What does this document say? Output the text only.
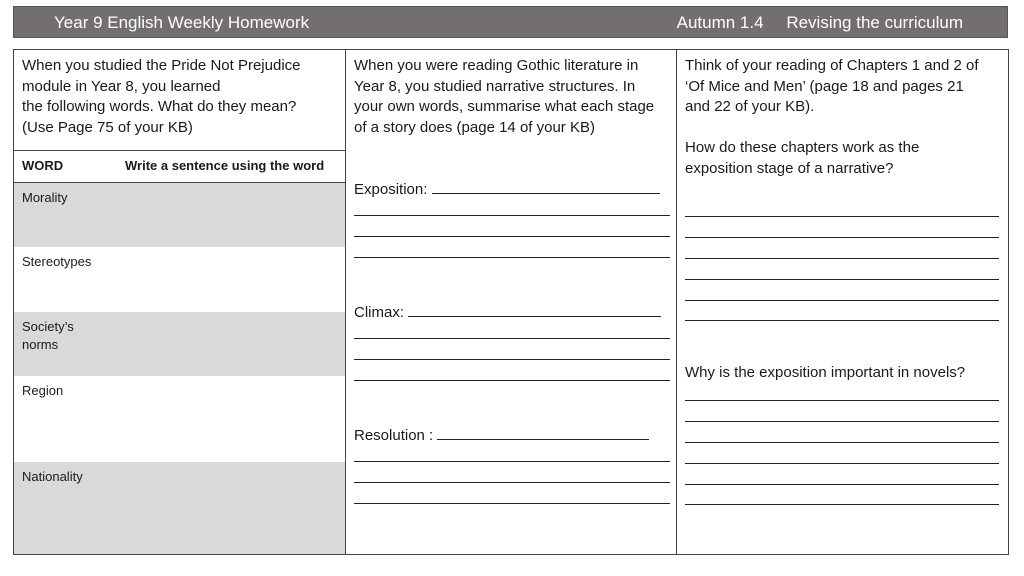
Year 9 English Weekly Homework	Autumn 1.4 Revising the curriculum

When you studied the Pride Not Prejudice

module in Year 8, you learned

the following words. What do they mean?

(Use Page 75 of your KB)

WORD	Write a sentence using the word
Morality
Stereotypes
Society’s
norms
Region
Nationality

When you were reading Gothic literature in

Year 8, you studied narrative structures. In

your own words, summarise what each stage

of a story does (page 14 of your KB)

Exposition:
Climax:
Resolution :

Think of your reading of Chapters 1 and 2 of

‘Of Mice and Men’ (page 18 and pages 21

and 22 of your KB).

How do these chapters work as the
exposition stage of a narrative?
Why is the exposition important in novels?
